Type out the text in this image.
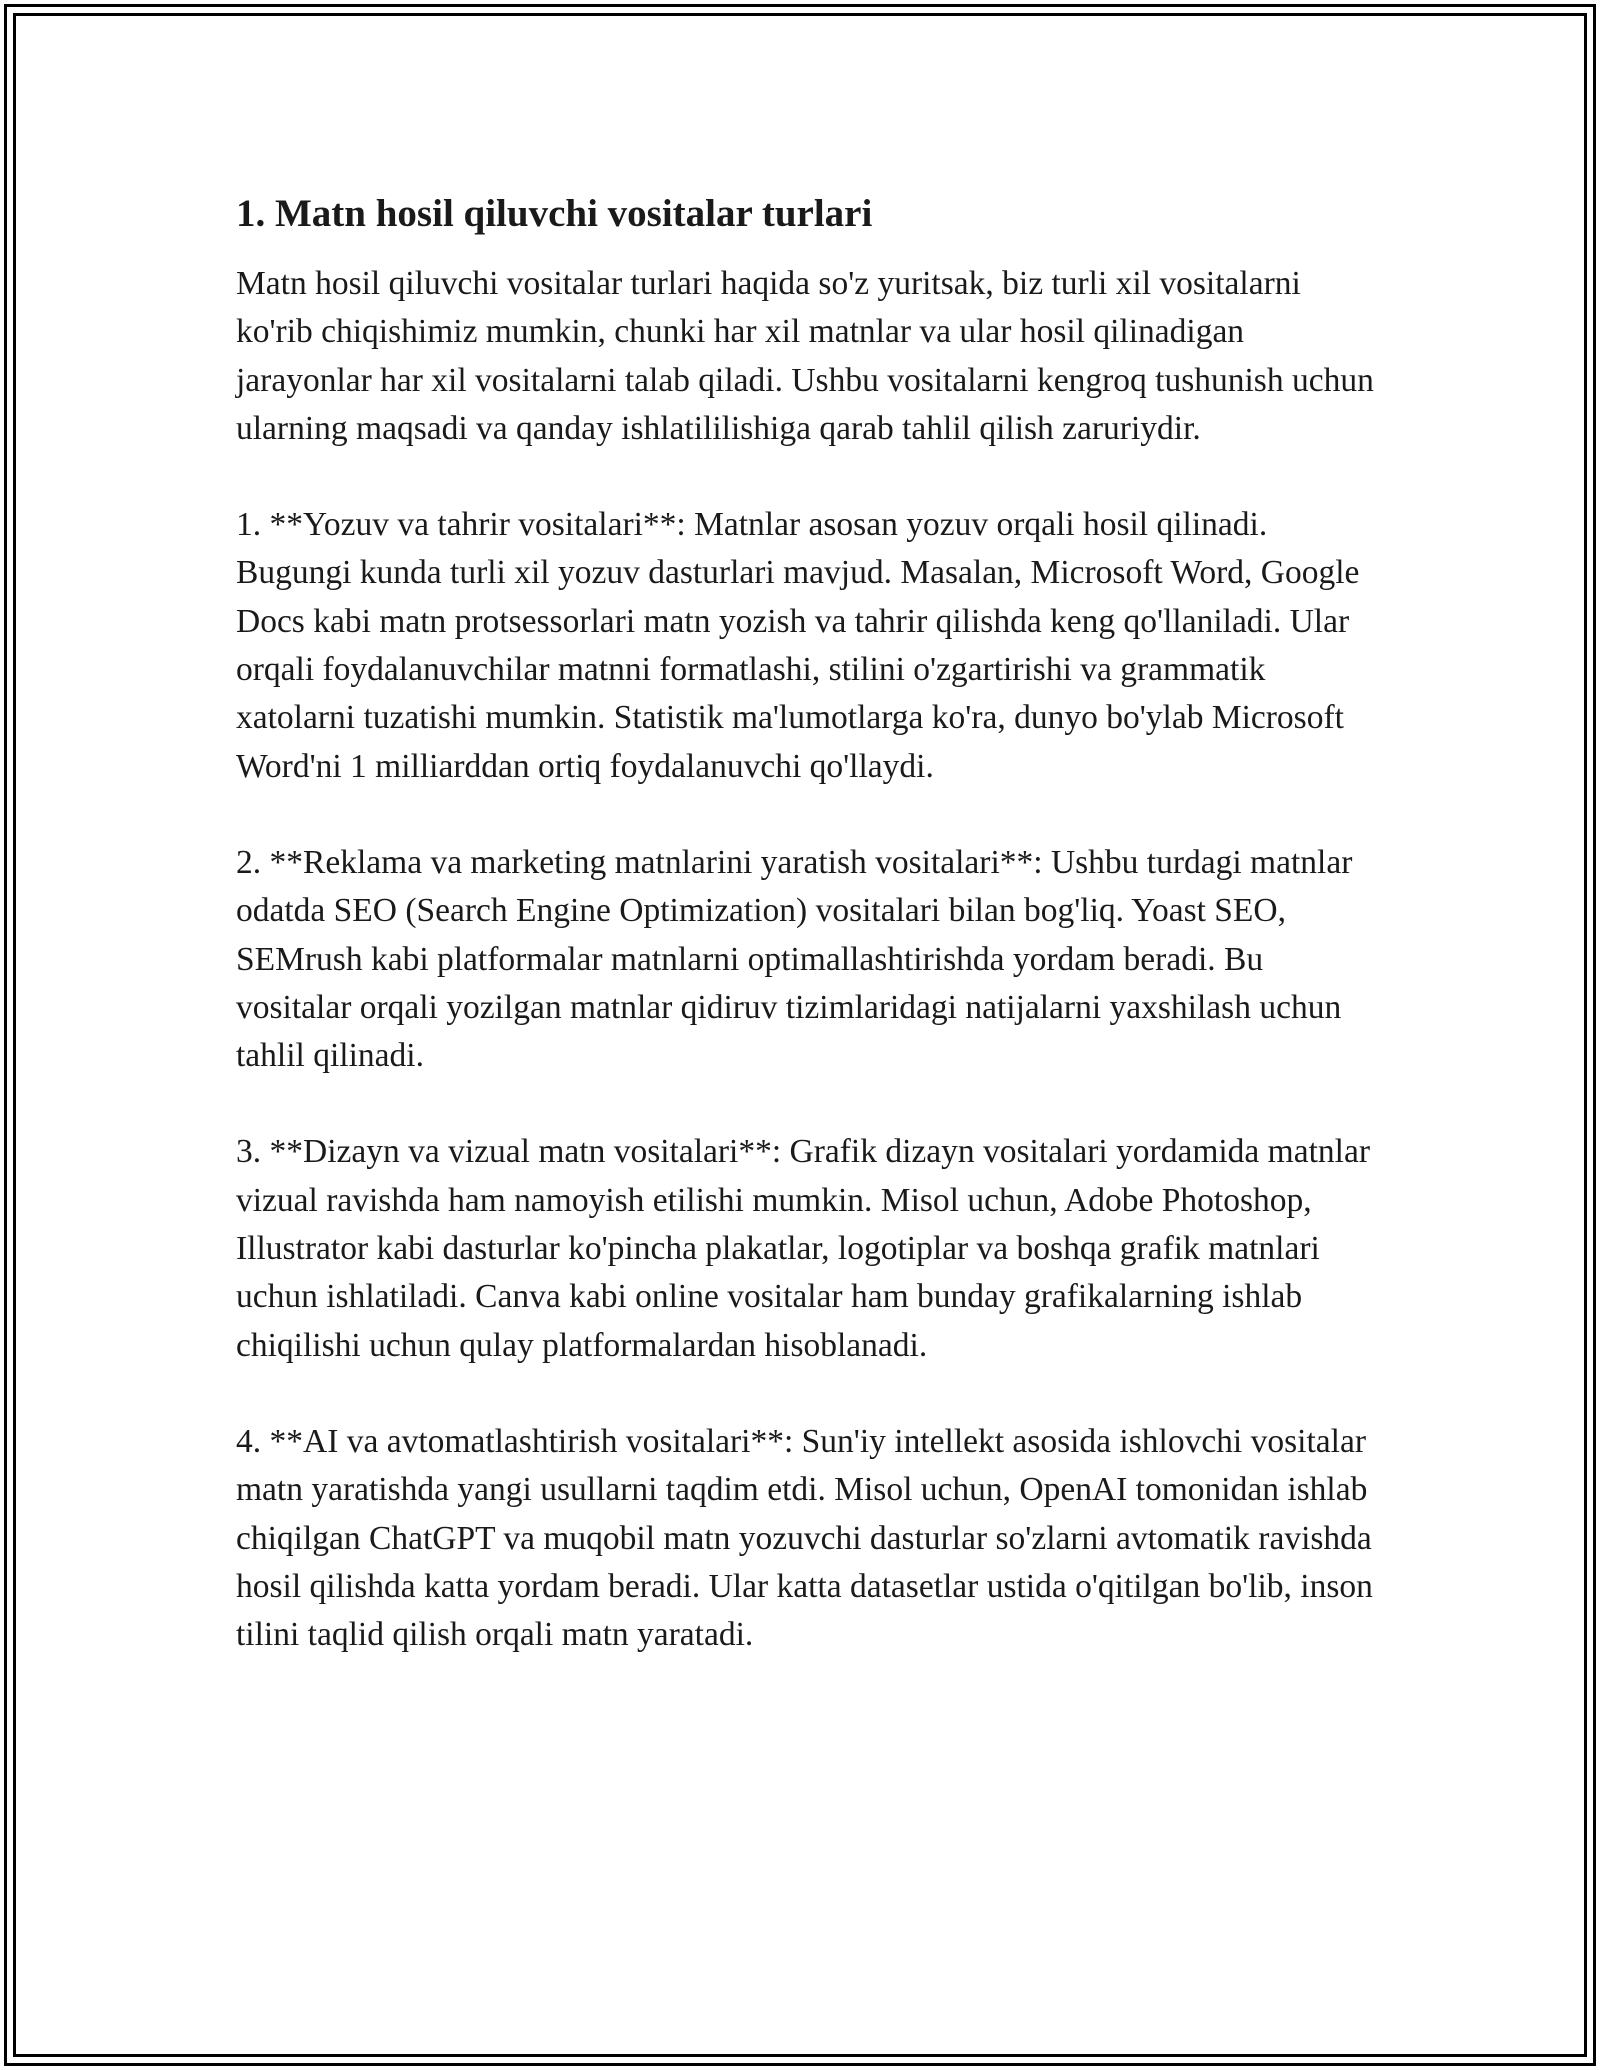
1. Matn hosil qiluvchi vositalar turlari

Matn hosil qiluvchi vositalar turlari haqida so'z yuritsak, biz turli xil vositalarni ko'rib chiqishimiz mumkin, chunki har xil matnlar va ular hosil qilinadigan jarayonlar har xil vositalarni talab qiladi. Ushbu vositalarni kengroq tushunish uchun ularning maqsadi va qanday ishlatililishiga qarab tahlil qilish zaruriydir.

1. **Yozuv va tahrir vositalari**: Matnlar asosan yozuv orqali hosil qilinadi. Bugungi kunda turli xil yozuv dasturlari mavjud. Masalan, Microsoft Word, Google Docs kabi matn protsessorlari matn yozish va tahrir qilishda keng qo'llaniladi. Ular orqali foydalanuvchilar matnni formatlashi, stilini o'zgartirishi va grammatik xatolarni tuzatishi mumkin. Statistik ma'lumotlarga ko'ra, dunyo bo'ylab Microsoft Word'ni 1 milliarddan ortiq foydalanuvchi qo'llaydi.

2. **Reklama va marketing matnlarini yaratish vositalari**: Ushbu turdagi matnlar odatda SEO (Search Engine Optimization) vositalari bilan bog'liq. Yoast SEO, SEMrush kabi platformalar matnlarni optimallashtirishda yordam beradi. Bu vositalar orqali yozilgan matnlar qidiruv tizimlaridagi natijalarni yaxshilash uchun tahlil qilinadi.

3. **Dizayn va vizual matn vositalari**: Grafik dizayn vositalari yordamida matnlar vizual ravishda ham namoyish etilishi mumkin. Misol uchun, Adobe Photoshop, Illustrator kabi dasturlar ko'pincha plakatlar, logotiplar va boshqa grafik matnlari uchun ishlatiladi. Canva kabi online vositalar ham bunday grafikalarning ishlab chiqilishi uchun qulay platformalardan hisoblanadi.

4. **AI va avtomatlashtirish vositalari**: Sun'iy intellekt asosida ishlovchi vositalar matn yaratishda yangi usullarni taqdim etdi. Misol uchun, OpenAI tomonidan ishlab chiqilgan ChatGPT va muqobil matn yozuvchi dasturlar so'zlarni avtomatik ravishda hosil qilishda katta yordam beradi. Ular katta datasetlar ustida o'qitilgan bo'lib, inson tilini taqlid qilish orqali matn yaratadi.
